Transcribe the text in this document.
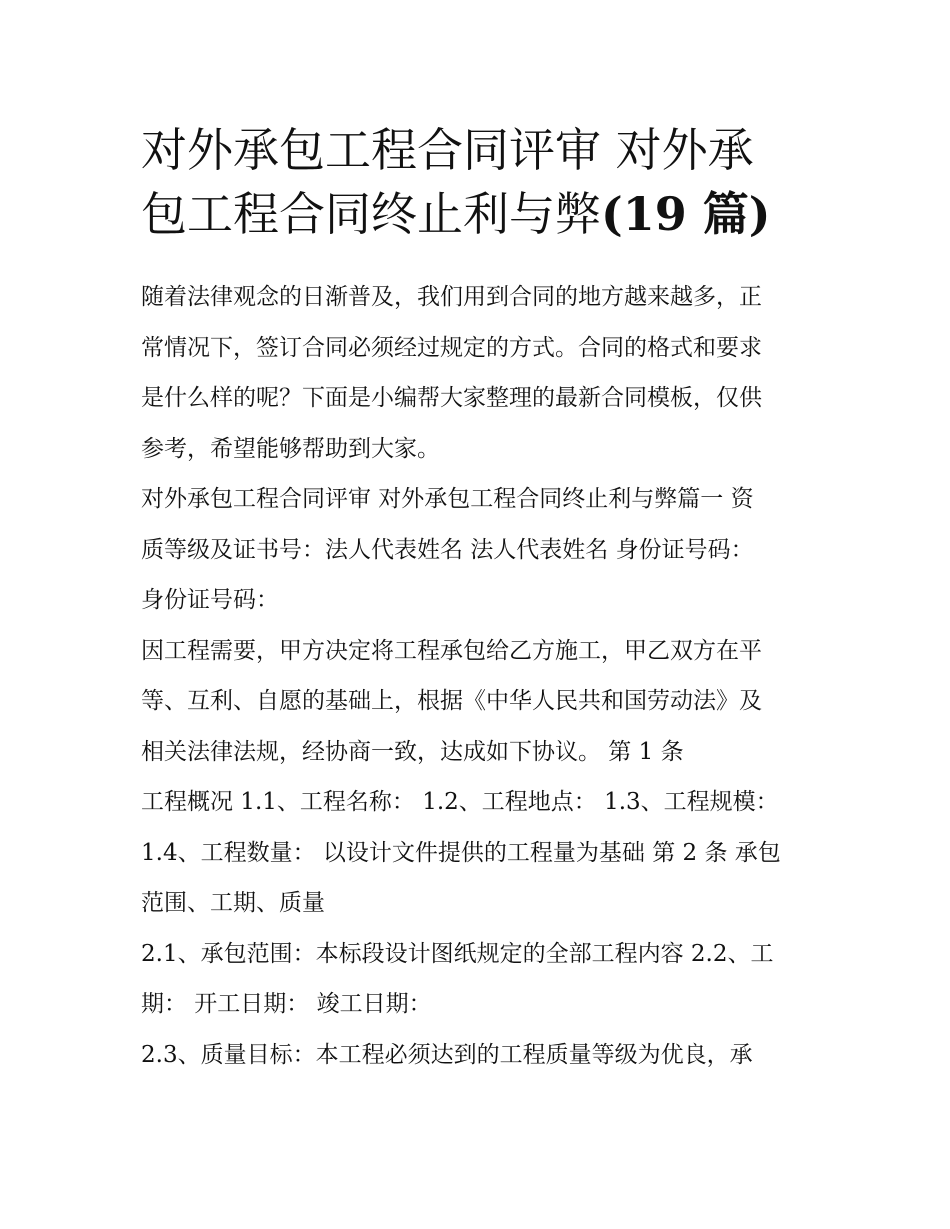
对外承包工程合同评审 对外承
包工程合同终止利与弊(19 篇)
随着法律观念的日渐普及，我们用到合同的地方越来越多，正
常情况下，签订合同必须经过规定的方式。合同的格式和要求
是什么样的呢？下面是小编帮大家整理的最新合同模板，仅供
参考，希望能够帮助到大家。
对外承包工程合同评审 对外承包工程合同终止利与弊篇一 资
质等级及证书号：法人代表姓名 法人代表姓名 身份证号码：
身份证号码：
因工程需要，甲方决定将工程承包给乙方施工，甲乙双方在平
等、互利、自愿的基础上，根据《中华人民共和国劳动法》及
相关法律法规，经协商一致，达成如下协议。 第 1 条
工程概况 1.1、工程名称： 1.2、工程地点： 1.3、工程规模：
1.4、工程数量： 以设计文件提供的工程量为基础 第 2 条 承包
范围、工期、质量
2.1、承包范围：本标段设计图纸规定的全部工程内容 2.2、工
期： 开工日期： 竣工日期：
2.3、质量目标：本工程必须达到的工程质量等级为优良，承
